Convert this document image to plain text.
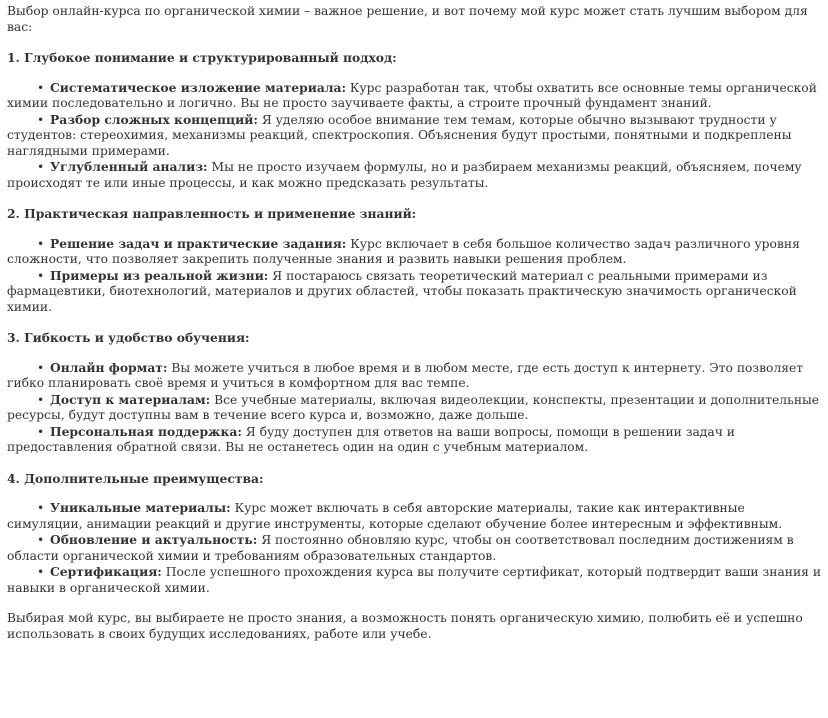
Выбор онлайн-курса по органической химии – важное решение, и вот почему мой курс может стать лучшим выбором для вас:

1. Глубокое понимание и структурированный подход:
• Систематическое изложение материала: Курс разработан так, чтобы охватить все основные темы органической химии последовательно и логично. Вы не просто заучиваете факты, а строите прочный фундамент знаний.
• Разбор сложных концепций: Я уделяю особое внимание тем темам, которые обычно вызывают трудности у студентов: стереохимия, механизмы реакций, спектроскопия. Объяснения будут простыми, понятными и подкреплены наглядными примерами.
• Углубленный анализ: Мы не просто изучаем формулы, но и разбираем механизмы реакций, объясняем, почему происходят те или иные процессы, и как можно предсказать результаты.
2. Практическая направленность и применение знаний:
• Решение задач и практические задания: Курс включает в себя большое количество задач различного уровня сложности, что позволяет закрепить полученные знания и развить навыки решения проблем.
• Примеры из реальной жизни: Я постараюсь связать теоретический материал с реальными примерами из фармацевтики, биотехнологий, материалов и других областей, чтобы показать практическую значимость органической химии.
3. Гибкость и удобство обучения:
• Онлайн формат: Вы можете учиться в любое время и в любом месте, где есть доступ к интернету. Это позволяет гибко планировать своё время и учиться в комфортном для вас темпе.
• Доступ к материалам: Все учебные материалы, включая видеолекции, конспекты, презентации и дополнительные ресурсы, будут доступны вам в течение всего курса и, возможно, даже дольше.
• Персональная поддержка: Я буду доступен для ответов на ваши вопросы, помощи в решении задач и предоставления обратной связи. Вы не останетесь один на один с учебным материалом.
4. Дополнительные преимущества:
• Уникальные материалы: Курс может включать в себя авторские материалы, такие как интерактивные симуляции, анимации реакций и другие инструменты, которые сделают обучение более интересным и эффективным.
• Обновление и актуальность: Я постоянно обновляю курс, чтобы он соответствовал последним достижениям в области органической химии и требованиям образовательных стандартов.
• Сертификация: После успешного прохождения курса вы получите сертификат, который подтвердит ваши знания и навыки в органической химии.

Выбирая мой курс, вы выбираете не просто знания, а возможность понять органическую химию, полюбить её и успешно использовать в своих будущих исследованиях, работе или учебе.
